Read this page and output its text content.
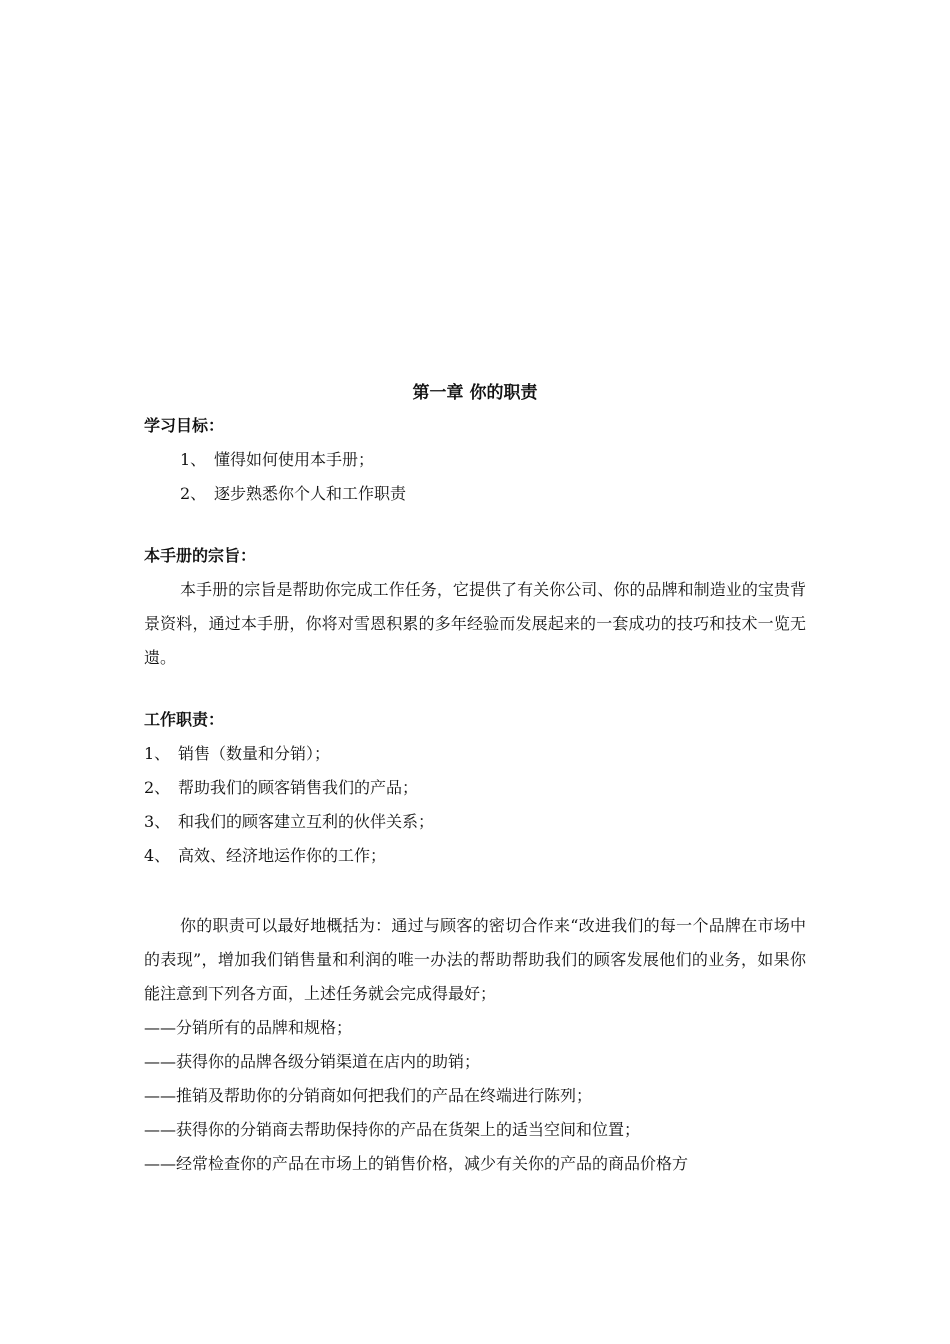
第一章 你的职责

学习目标：

1、 懂得如何使用本手册；

2、 逐步熟悉你个人和工作职责

本手册的宗旨：

本手册的宗旨是帮助你完成工作任务，它提供了有关你公司、你的品牌和制造业的宝贵背景资料，通过本手册，你将对雪恩积累的多年经验而发展起来的一套成功的技巧和技术一览无遗。

工作职责：

1、 销售（数量和分销）；

2、 帮助我们的顾客销售我们的产品；

3、 和我们的顾客建立互利的伙伴关系；

4、 高效、经济地运作你的工作；

你的职责可以最好地概括为：通过与顾客的密切合作来“改进我们的每一个品牌在市场中的表现”，增加我们销售量和利润的唯一办法的帮助帮助我们的顾客发展他们的业务，如果你能注意到下列各方面，上述任务就会完成得最好；

——分销所有的品牌和规格；

——获得你的品牌各级分销渠道在店内的助销；

——推销及帮助你的分销商如何把我们的产品在终端进行陈列；

——获得你的分销商去帮助保持你的产品在货架上的适当空间和位置；

——经常检查你的产品在市场上的销售价格，减少有关你的产品的商品价格方
